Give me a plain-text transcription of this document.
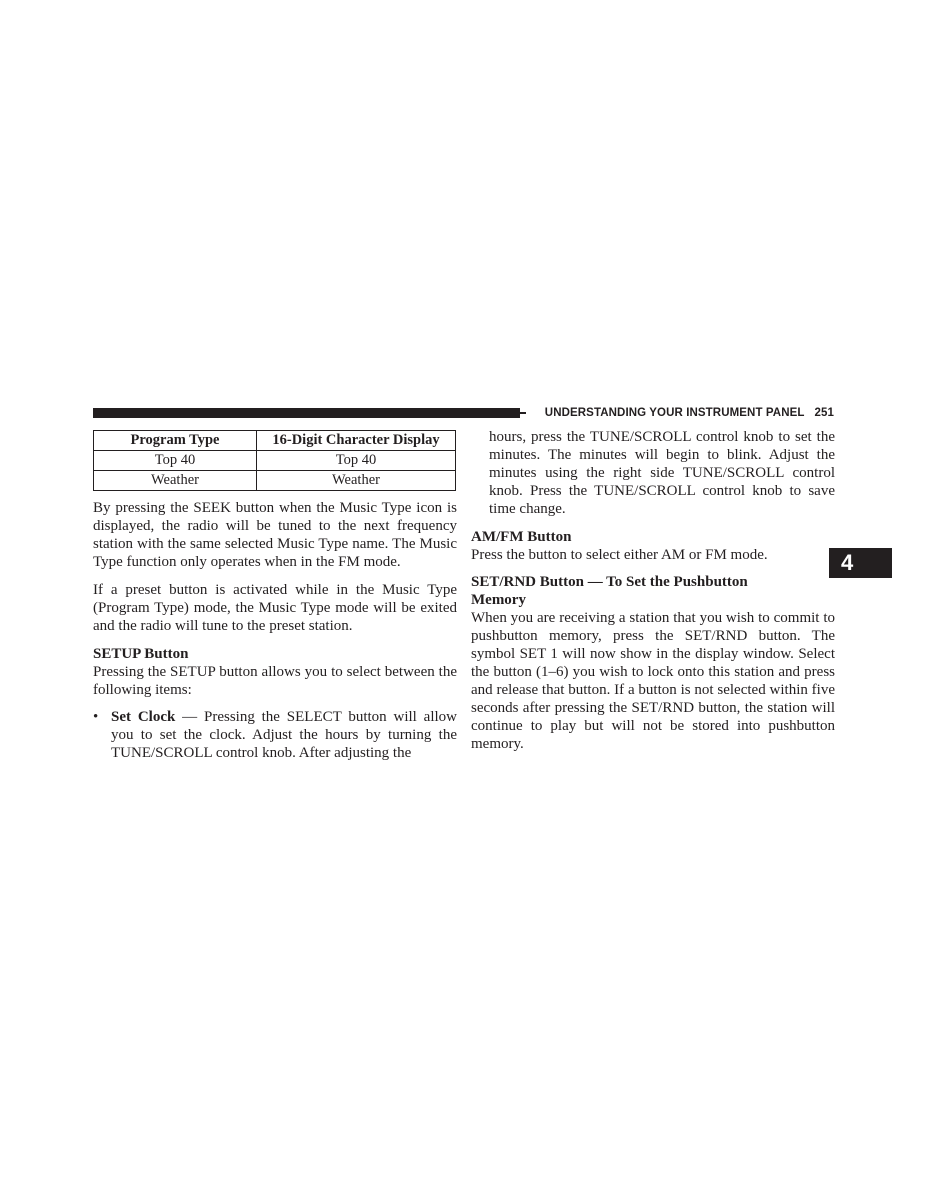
UNDERSTANDING YOUR INSTRUMENT PANEL 251
4
Program Type	16-Digit Character Display
Top 40	Top 40
Weather	Weather

By pressing the SEEK button when the Music Type icon is displayed, the radio will be tuned to the next frequency station with the same selected Music Type name. The Music Type function only operates when in the FM mode.

If a preset button is activated while in the Music Type (Program Type) mode, the Music Type mode will be exited and the radio will tune to the preset station.

SETUP Button

Pressing the SETUP button allows you to select between the following items:

• Set Clock — Pressing the SELECT button will allow you to set the clock. Adjust the hours by turning the TUNE/SCROLL control knob. After adjusting the

hours, press the TUNE/SCROLL control knob to set the minutes. The minutes will begin to blink. Adjust the minutes using the right side TUNE/SCROLL control knob. Press the TUNE/SCROLL control knob to save time change.

AM/FM Button

Press the button to select either AM or FM mode.

SET/RND Button — To Set the Pushbutton Memory

When you are receiving a station that you wish to commit to pushbutton memory, press the SET/RND button. The symbol SET 1 will now show in the display window. Select the button (1–6) you wish to lock onto this station and press and release that button. If a button is not selected within five seconds after pressing the SET/RND button, the station will continue to play but will not be stored into pushbutton memory.
